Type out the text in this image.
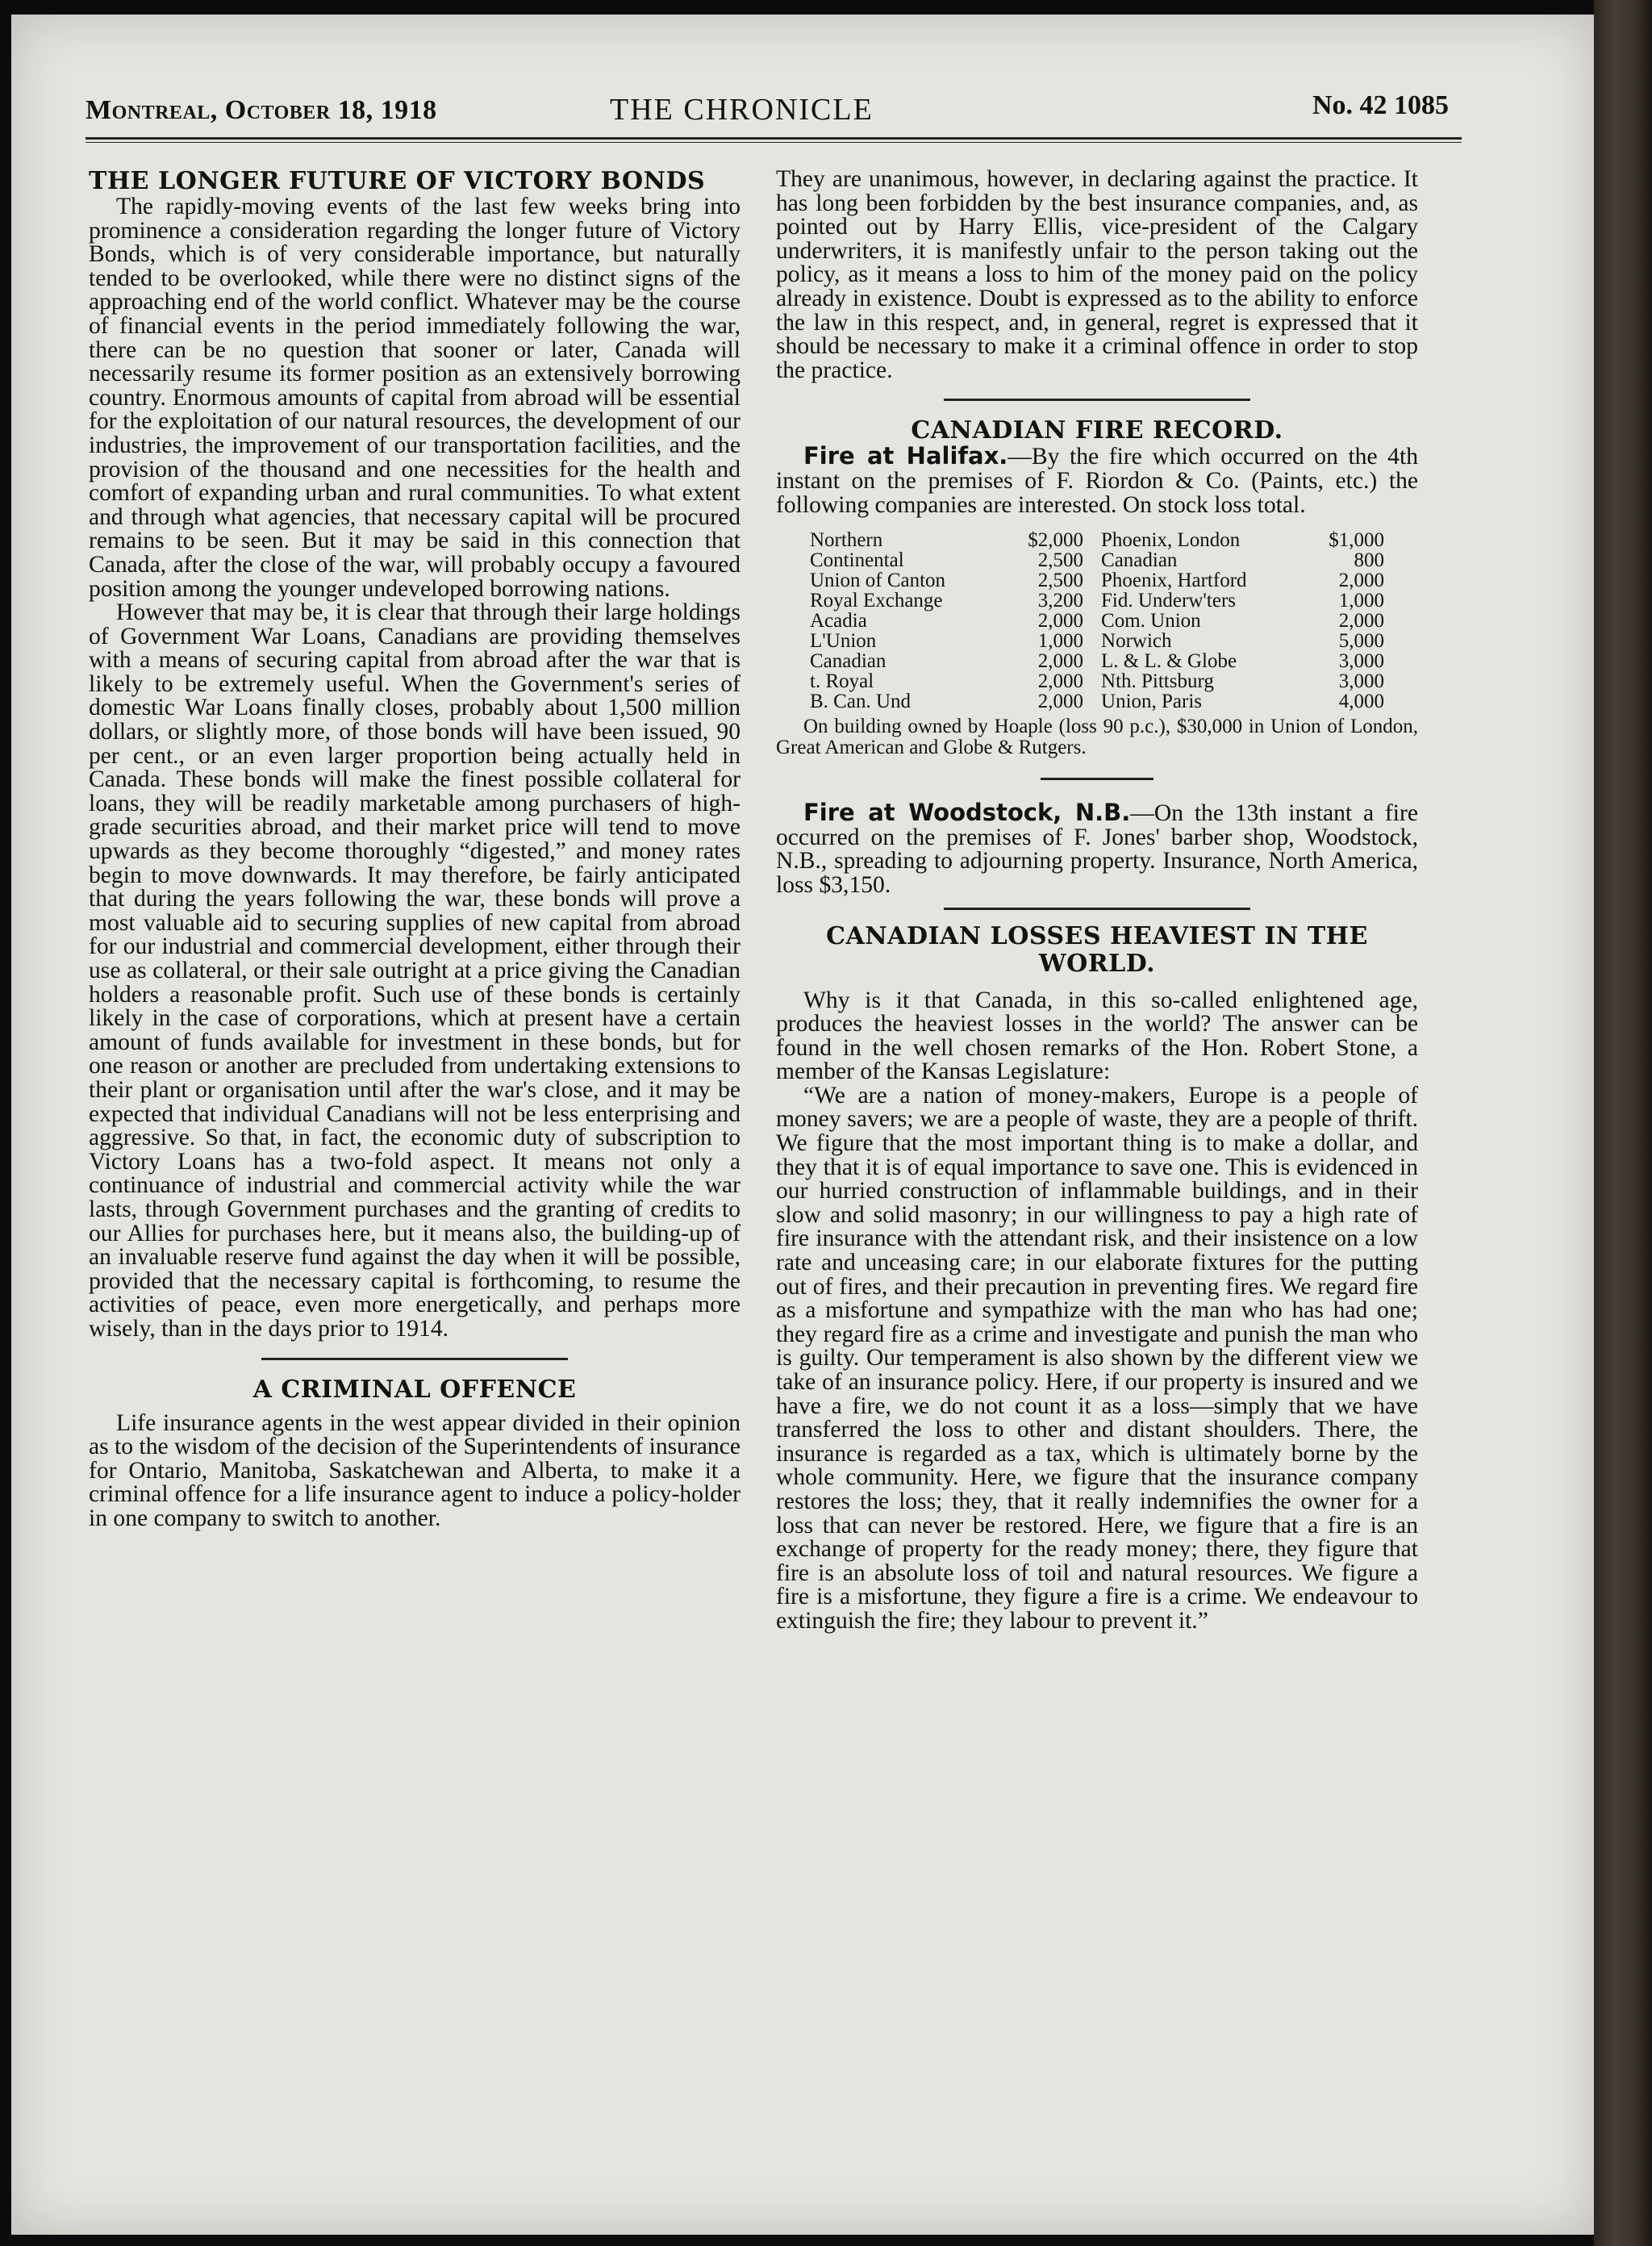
Montreal, October 18, 1918	THE CHRONICLE	No. 42 1085
THE LONGER FUTURE OF VICTORY BONDS

The rapidly-moving events of the last few weeks bring into prominence a consideration regarding the longer future of Victory Bonds, which is of very considerable importance, but naturally tended to be overlooked, while there were no distinct signs of the approaching end of the world conflict. Whatever may be the course of financial events in the period immediately following the war, there can be no question that sooner or later, Canada will necessarily resume its former position as an extensively borrowing country. Enormous amounts of capital from abroad will be essential for the exploitation of our natural resources, the development of our industries, the improvement of our transportation facilities, and the provision of the thousand and one necessities for the health and comfort of expanding urban and rural communities. To what extent and through what agencies, that necessary capital will be procured remains to be seen. But it may be said in this connection that Canada, after the close of the war, will probably occupy a favoured position among the younger undeveloped borrowing nations.

However that may be, it is clear that through their large holdings of Government War Loans, Canadians are providing themselves with a means of securing capital from abroad after the war that is likely to be extremely useful. When the Government's series of domestic War Loans finally closes, probably about 1,500 million dollars, or slightly more, of those bonds will have been issued, 90 per cent., or an even larger proportion being actually held in Canada. These bonds will make the finest possible collateral for loans, they will be readily marketable among purchasers of high-grade securities abroad, and their market price will tend to move upwards as they become thoroughly “digested,” and money rates begin to move downwards. It may therefore, be fairly anticipated that during the years following the war, these bonds will prove a most valuable aid to securing supplies of new capital from abroad for our industrial and commercial development, either through their use as collateral, or their sale outright at a price giving the Canadian holders a reasonable profit. Such use of these bonds is certainly likely in the case of corporations, which at present have a certain amount of funds available for investment in these bonds, but for one reason or another are precluded from undertaking extensions to their plant or organisation until after the war's close, and it may be expected that individual Canadians will not be less enterprising and aggressive. So that, in fact, the economic duty of subscription to Victory Loans has a two-fold aspect. It means not only a continuance of industrial and commercial activity while the war lasts, through Government purchases and the granting of credits to our Allies for purchases here, but it means also, the building-up of an invaluable reserve fund against the day when it will be possible, provided that the necessary capital is forthcoming, to resume the activities of peace, even more energetically, and perhaps more wisely, than in the days prior to 1914.

A CRIMINAL OFFENCE

Life insurance agents in the west appear divided in their opinion as to the wisdom of the decision of the Superintendents of insurance for Ontario, Manitoba, Saskatchewan and Alberta, to make it a criminal offence for a life insurance agent to induce a policy-holder in one company to switch to another.

They are unanimous, however, in declaring against the practice. It has long been forbidden by the best insurance companies, and, as pointed out by Harry Ellis, vice-president of the Calgary underwriters, it is manifestly unfair to the person taking out the policy, as it means a loss to him of the money paid on the policy already in existence. Doubt is expressed as to the ability to enforce the law in this respect, and, in general, regret is expressed that it should be necessary to make it a criminal offence in order to stop the practice.

CANADIAN FIRE RECORD.

Fire at Halifax.—By the fire which occurred on the 4th instant on the premises of F. Riordon & Co. (Paints, etc.) the following companies are interested. On stock loss total.

Northern	$2,000	Phoenix, London	$1,000
Continental	2,500	Canadian	800
Union of Canton	2,500	Phoenix, Hartford	2,000
Royal Exchange	3,200	Fid. Underw'ters	1,000
Acadia	2,000	Com. Union	2,000
L'Union	1,000	Norwich	5,000
Canadian	2,000	L. & L. & Globe	3,000
t. Royal	2,000	Nth. Pittsburg	3,000
B. Can. Und	2,000	Union, Paris	4,000

On building owned by Hoaple (loss 90 p.c.), $30,000 in Union of London, Great American and Globe & Rutgers.

Fire at Woodstock, N.B.—On the 13th instant a fire occurred on the premises of F. Jones' barber shop, Woodstock, N.B., spreading to adjourning property. Insurance, North America, loss $3,150.

CANADIAN LOSSES HEAVIEST IN THE WORLD.

Why is it that Canada, in this so-called enlightened age, produces the heaviest losses in the world? The answer can be found in the well chosen remarks of the Hon. Robert Stone, a member of the Kansas Legislature:

“We are a nation of money-makers, Europe is a people of money savers; we are a people of waste, they are a people of thrift. We figure that the most important thing is to make a dollar, and they that it is of equal importance to save one. This is evidenced in our hurried construction of inflammable buildings, and in their slow and solid masonry; in our willingness to pay a high rate of fire insurance with the attendant risk, and their insistence on a low rate and unceasing care; in our elaborate fixtures for the putting out of fires, and their precaution in preventing fires. We regard fire as a misfortune and sympathize with the man who has had one; they regard fire as a crime and investigate and punish the man who is guilty. Our temperament is also shown by the different view we take of an insurance policy. Here, if our property is insured and we have a fire, we do not count it as a loss—simply that we have transferred the loss to other and distant shoulders. There, the insurance is regarded as a tax, which is ultimately borne by the whole community. Here, we figure that the insurance company restores the loss; they, that it really indemnifies the owner for a loss that can never be restored. Here, we figure that a fire is an exchange of property for the ready money; there, they figure that fire is an absolute loss of toil and natural resources. We figure a fire is a misfortune, they figure a fire is a crime. We endeavour to extinguish the fire; they labour to prevent it.”
